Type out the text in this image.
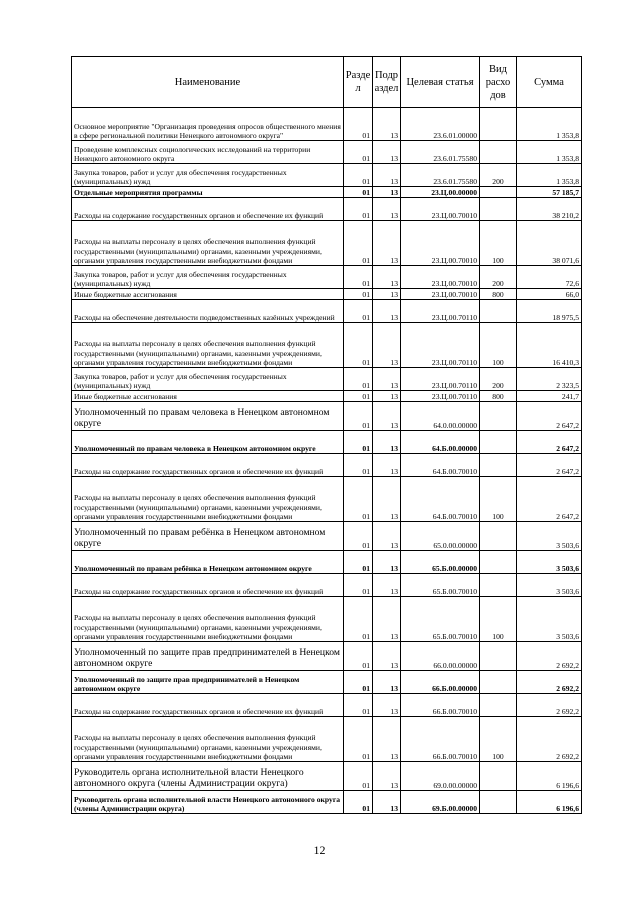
Наименование	Разде л	Подр аздел	Целевая статья	Вид расхо дов	Сумма
Основное мероприятие "Организация проведения опросов общественного мнения в сфере региональной политики Ненецкого автономного округа"	01	13	23.6.01.00000		1 353,8
Проведение комплексных социологических исследований на территории Ненецкого автономного округа	01	13	23.6.01.75580		1 353,8
Закупка товаров, работ и услуг для обеспечения государственных (муниципальных) нужд	01	13	23.6.01.75580	200	1 353,8
Отдельные мероприятия программы	01	13	23.Ц.00.00000		57 185,7
Расходы на содержание государственных органов и обеспечение их функций	01	13	23.Ц.00.70010		38 210,2
Расходы на выплаты персоналу в целях обеспечения выполнения функций государственными (муниципальными) органами, казенными учреждениями, органами управления государственными внебюджетными фондами	01	13	23.Ц.00.70010	100	38 071,6
Закупка товаров, работ и услуг для обеспечения государственных (муниципальных) нужд	01	13	23.Ц.00.70010	200	72,6
Иные бюджетные ассигнования	01	13	23.Ц.00.70010	800	66,0
Расходы на обеспечение деятельности подведомственных казённых учреждений	01	13	23.Ц.00.70110		18 975,5
Расходы на выплаты персоналу в целях обеспечения выполнения функций государственными (муниципальными) органами, казенными учреждениями, органами управления государственными внебюджетными фондами	01	13	23.Ц.00.70110	100	16 410,3
Закупка товаров, работ и услуг для обеспечения государственных (муниципальных) нужд	01	13	23.Ц.00.70110	200	2 323,5
Иные бюджетные ассигнования	01	13	23.Ц.00.70110	800	241,7
Уполномоченный по правам человека в Ненецком автономном округе	01	13	64.0.00.00000		2 647,2
Уполномоченный по правам человека в Ненецком автономном округе	01	13	64.Б.00.00000		2 647,2
Расходы на содержание государственных органов и обеспечение их функций	01	13	64.Б.00.70010		2 647,2
Расходы на выплаты персоналу в целях обеспечения выполнения функций государственными (муниципальными) органами, казенными учреждениями, органами управления государственными внебюджетными фондами	01	13	64.Б.00.70010	100	2 647,2
Уполномоченный по правам ребёнка в Ненецком автономном округе	01	13	65.0.00.00000		3 503,6
Уполномоченный по правам ребёнка в Ненецком автономном округе	01	13	65.Б.00.00000		3 503,6
Расходы на содержание государственных органов и обеспечение их функций	01	13	65.Б.00.70010		3 503,6
Расходы на выплаты персоналу в целях обеспечения выполнения функций государственными (муниципальными) органами, казенными учреждениями, органами управления государственными внебюджетными фондами	01	13	65.Б.00.70010	100	3 503,6
Уполномоченный по защите прав предпринимателей в Ненецком автономном округе	01	13	66.0.00.00000		2 692,2
Уполномоченный по защите прав предпринимателей в Ненецком автономном округе	01	13	66.Б.00.00000		2 692,2
Расходы на содержание государственных органов и обеспечение их функций	01	13	66.Б.00.70010		2 692,2
Расходы на выплаты персоналу в целях обеспечения выполнения функций государственными (муниципальными) органами, казенными учреждениями, органами управления государственными внебюджетными фондами	01	13	66.Б.00.70010	100	2 692,2
Руководитель органа исполнительной власти Ненецкого автономного округа (члены Администрации округа)	01	13	69.0.00.00000		6 196,6
Руководитель органа исполнительной власти Ненецкого автономного округа (члены Администрации округа)	01	13	69.Б.00.00000		6 196,6
12
